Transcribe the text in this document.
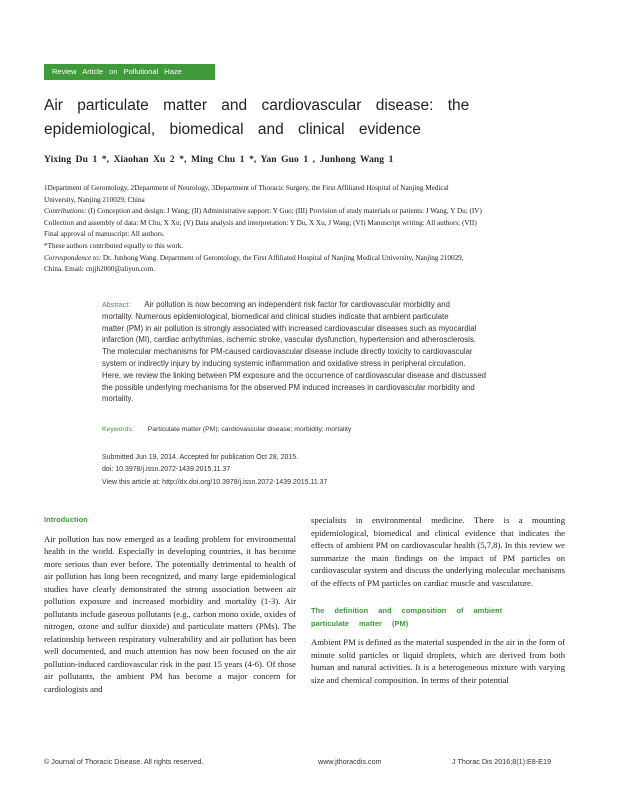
Review Article on Pollutional Haze
Air particulate matter and cardiovascular disease: the
epidemiological, biomedical and clinical evidence
Yixing Du 1 *, Xiaohan Xu 2 *, Ming Chu 1 *, Yan Guo 1 , Junhong Wang 1

1Department of Gerontology, 2Department of Neurology, 3Department of Thoracic Surgery, the First Affiliated Hospital of Nanjing Medical

University, Nanjing 210029, China

Contributions: (I) Conception and design: J Wang; (II) Administrative support: Y Guo; (III) Provision of study materials or patients: J Wang, Y Du; (IV)

Collection and assembly of data: M Chu, X Xu; (V) Data analysis and interpretation: Y Du, X Xu, J Wang; (VI) Manuscript writing: All authors; (VII)

Final approval of manuscript: All authors.

*These authors contributed equally to this work.

Correspondence to: Dr. Junhong Wang. Department of Gerontology, the First Affiliated Hospital of Nanjing Medical University, Nanjing 210029,

China. Email: cnjjh2000@aliyun.com.

Abstract: Air pollution is now becoming an independent risk factor for cardiovascular morbidity and
mortality. Numerous epidemiological, biomedical and clinical studies indicate that ambient particulate
matter (PM) in air pollution is strongly associated with increased cardiovascular diseases such as myocardial
infarction (MI), cardiac arrhythmias, ischemic stroke, vascular dysfunction, hypertension and atherosclerosis.
The molecular mechanisms for PM-caused cardiovascular disease include directly toxicity to cardiovascular
system or indirectly injury by inducing systemic inflammation and oxidative stress in peripheral circulation.
Here, we review the linking between PM exposure and the occurrence of cardiovascular disease and discussed
the possible underlying mechanisms for the observed PM induced increases in cardiovascular morbidity and
mortality.
Keywords: Particulate matter (PM); cardiovascular disease; morbidity; mortality

Submitted Jun 19, 2014. Accepted for publication Oct 28, 2015.

doi: 10.3978/j.issn.2072-1439.2015.11.37

View this article at: http://dx.doi.org/10.3978/j.issn.2072-1439.2015.11.37

Introduction

Air pollution has now emerged as a leading problem for environmental health in the world. Especially in developing countries, it has become more serious than ever before. The potentially detrimental to health of air pollution has long been recognized, and many large epidemiological studies have clearly demonstrated the strong association between air pollution exposure and increased morbidity and mortality (1-3). Air pollutants include gaseous pollutants (e.g., carbon mono oxide, oxides of nitrogen, ozone and sulfur dioxide) and particulate matters (PMs). The relationship between respiratory vulnerability and air pollution has been well documented, and much attention has now been focused on the air pollution-induced cardiovascular risk in the past 15 years (4-6). Of those air pollutants, the ambient PM has become a major concern for cardiologists and

specialists in environmental medicine. There is a mounting epidemiological, biomedical and clinical evidence that indicates the effects of ambient PM on cardiovascular health (5,7,8). In this review we summarize the main findings on the impact of PM particles on cardiovascular system and discuss the underlying molecular mechanisms of the effects of PM particles on cardiac muscle and vasculature.

The definition and composition of ambient
particulate matter (PM)

Ambient PM is defined as the material suspended in the air in the form of minute solid particles or liquid droplets, which are derived from both human and natural activities. It is a heterogeneous mixture with varying size and chemical composition. In terms of their potential

© Journal of Thoracic Disease. All rights reserved.	www.jthoracdis.com	J Thorac Dis 2016;8(1):E8-E19
